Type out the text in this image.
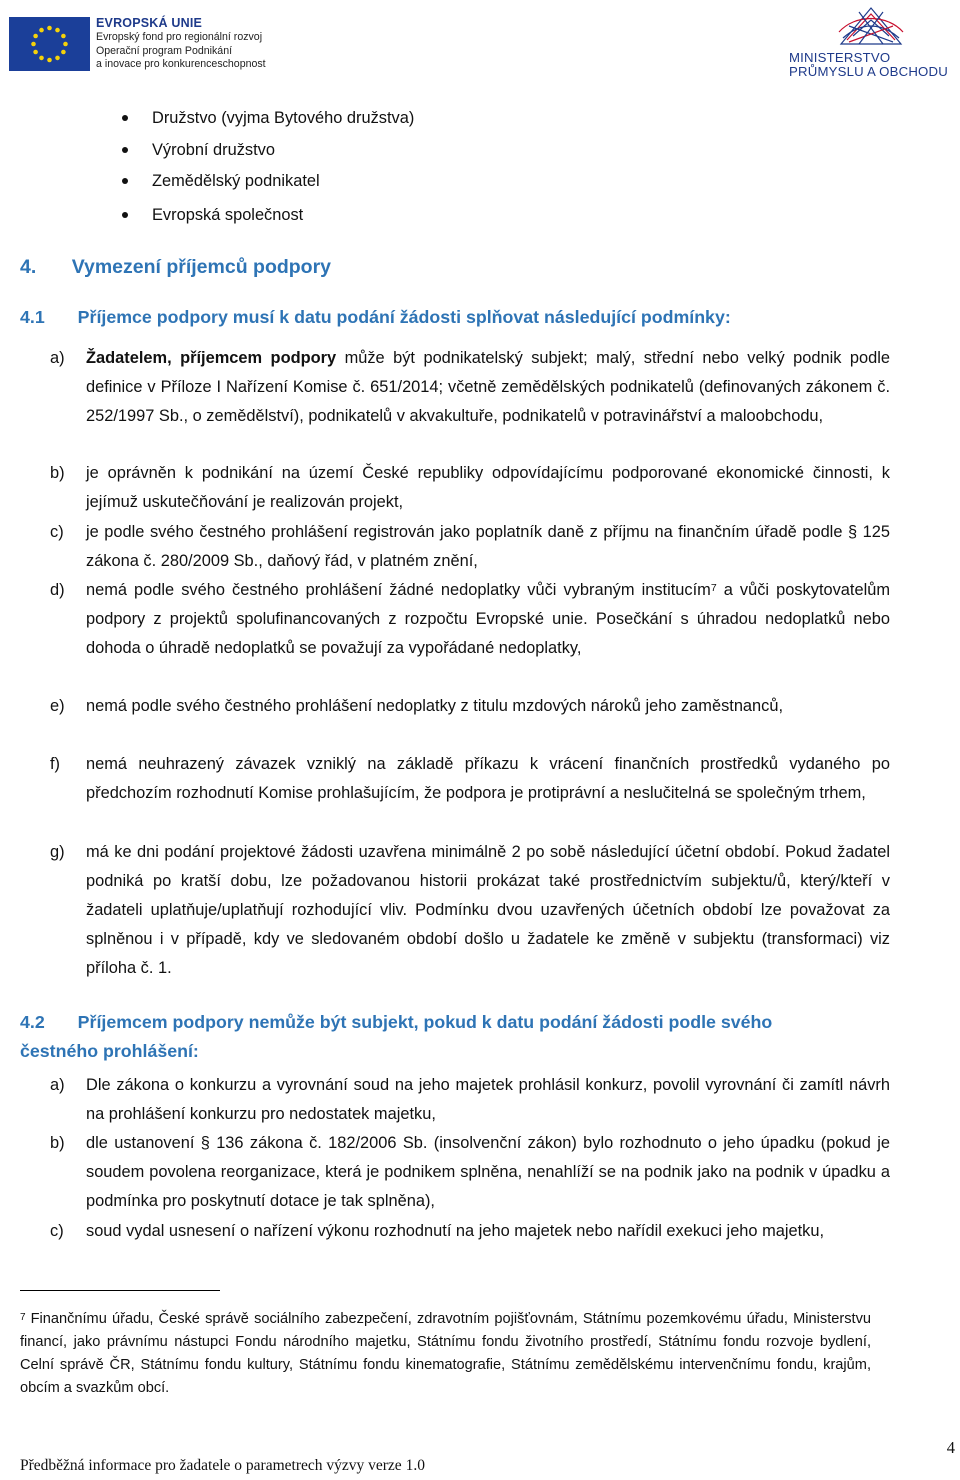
EVROPSKÁ UNIE
Evropský fond pro regionální rozvoj
Operační program Podnikání
a inovace pro konkurenceschopnost	MINISTERSTVO
PRŮMYSLU A OBCHODU
Družstvo (vyjma Bytového družstva)
Výrobní družstvo
Zemědělský podnikatel
Evropská společnost
4. Vymezení příjemců podpory
4.1 Příjemce podpory musí k datu podání žádosti splňovat následující podmínky:
a) Žadatelem, příjemcem podpory může být podnikatelský subjekt; malý, střední nebo velký podnik podle definice v Příloze I Nařízení Komise č. 651/2014; včetně zemědělských podnikatelů (definovaných zákonem č. 252/1997 Sb., o zemědělství), podnikatelů v akvakultuře, podnikatelů v potravinářství a maloobchodu,
b) je oprávněn k podnikání na území České republiky odpovídajícímu podporované ekonomické činnosti, k jejímuž uskutečňování je realizován projekt,
c) je podle svého čestného prohlášení registrován jako poplatník daně z příjmu na finančním úřadě podle § 125 zákona č. 280/2009 Sb., daňový řád, v platném znění,
d) nemá podle svého čestného prohlášení žádné nedoplatky vůči vybraným institucím$^7$ a vůči poskytovatelům podpory z projektů spolufinancovaných z rozpočtu Evropské unie. Posečkání s úhradou nedoplatků nebo dohoda o úhradě nedoplatků se považují za vypořádané nedoplatky,
e) nemá podle svého čestného prohlášení nedoplatky z titulu mzdových nároků jeho zaměstnanců,
f) nemá neuhrazený závazek vzniklý na základě příkazu k vrácení finančních prostředků vydaného po předchozím rozhodnutí Komise prohlašujícím, že podpora je protiprávní a neslučitelná se společným trhem,
g) má ke dni podání projektové žádosti uzavřena minimálně 2 po sobě následující účetní období. Pokud žadatel podniká po kratší dobu, lze požadovanou historii prokázat také prostřednictvím subjektu/ů, který/kteří v žadateli uplatňuje/uplatňují rozhodující vliv. Podmínku dvou uzavřených účetních období lze považovat za splněnou i v případě, kdy ve sledovaném období došlo u žadatele ke změně v subjektu (transformaci) viz příloha č. 1.
4.2 Příjemcem podpory nemůže být subjekt, pokud k datu podání žádosti podle svého
čestného prohlášení:
a) Dle zákona o konkurzu a vyrovnání soud na jeho majetek prohlásil konkurz, povolil vyrovnání či zamítl návrh na prohlášení konkurzu pro nedostatek majetku,
b) dle ustanovení § 136 zákona č. 182/2006 Sb. (insolvenční zákon) bylo rozhodnuto o jeho úpadku (pokud je soudem povolena reorganizace, která je podnikem splněna, nenahlíží se na podnik jako na podnik v úpadku a podmínka pro poskytnutí dotace je tak splněna),
c) soud vydal usnesení o nařízení výkonu rozhodnutí na jeho majetek nebo nařídil exekuci jeho majetku,
$^7$ Finančnímu úřadu, České správě sociálního zabezpečení, zdravotním pojišťovnám, Státnímu pozemkovému úřadu, Ministerstvu financí, jako právnímu nástupci Fondu národního majetku, Státnímu fondu životního prostředí, Státnímu fondu rozvoje bydlení, Celní správě ČR, Státnímu fondu kultury, Státnímu fondu kinematografie, Státnímu zemědělskému intervenčnímu fondu, krajům, obcím a svazkům obcí.
Předběžná informace pro žadatele o parametrech výzvy verze 1.0
4
